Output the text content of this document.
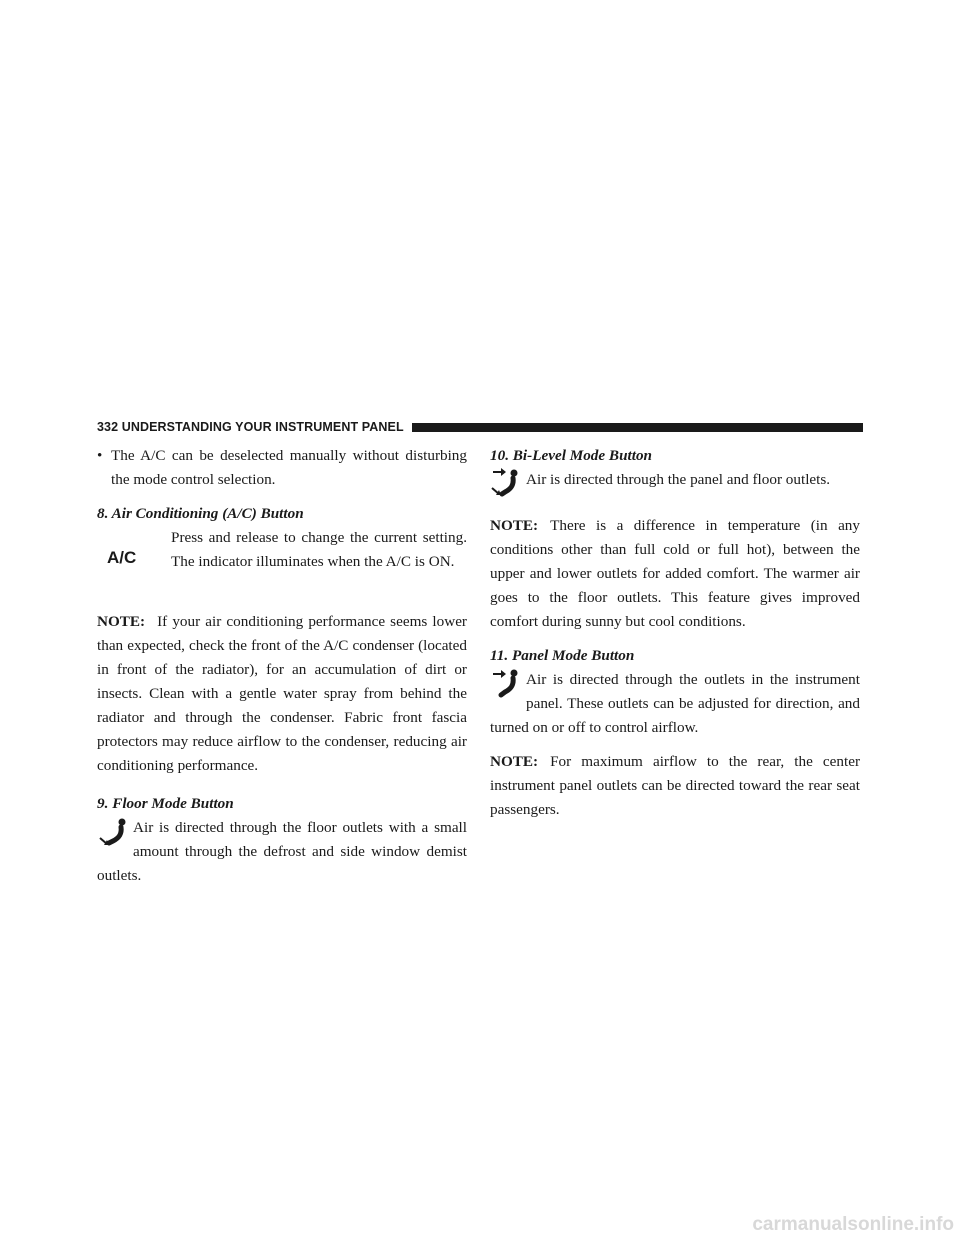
332 UNDERSTANDING YOUR INSTRUMENT PANEL
• The A/C can be deselected manually without disturbing the mode control selection.

8. Air Conditioning (A/C) Button

A/C

Press and release to change the current setting. The indicator illuminates when the A/C is ON.

NOTE: If your air conditioning performance seems lower than expected, check the front of the A/C condenser (located in front of the radiator), for an accumulation of dirt or insects. Clean with a gentle water spray from behind the radiator and through the condenser. Fabric front fascia protectors may reduce airflow to the condenser, reducing air conditioning performance.

9. Floor Mode Button

Air is directed through the floor outlets with a small amount through the defrost and side window demist outlets.

10. Bi-Level Mode Button

Air is directed through the panel and floor outlets.

NOTE: There is a difference in temperature (in any conditions other than full cold or full hot), between the upper and lower outlets for added comfort. The warmer air goes to the floor outlets. This feature gives improved comfort during sunny but cool conditions.

11. Panel Mode Button

Air is directed through the outlets in the instrument panel. These outlets can be adjusted for direction, and turned on or off to control airflow.

NOTE: For maximum airflow to the rear, the center instrument panel outlets can be directed toward the rear seat passengers.

carmanualsonline.info
